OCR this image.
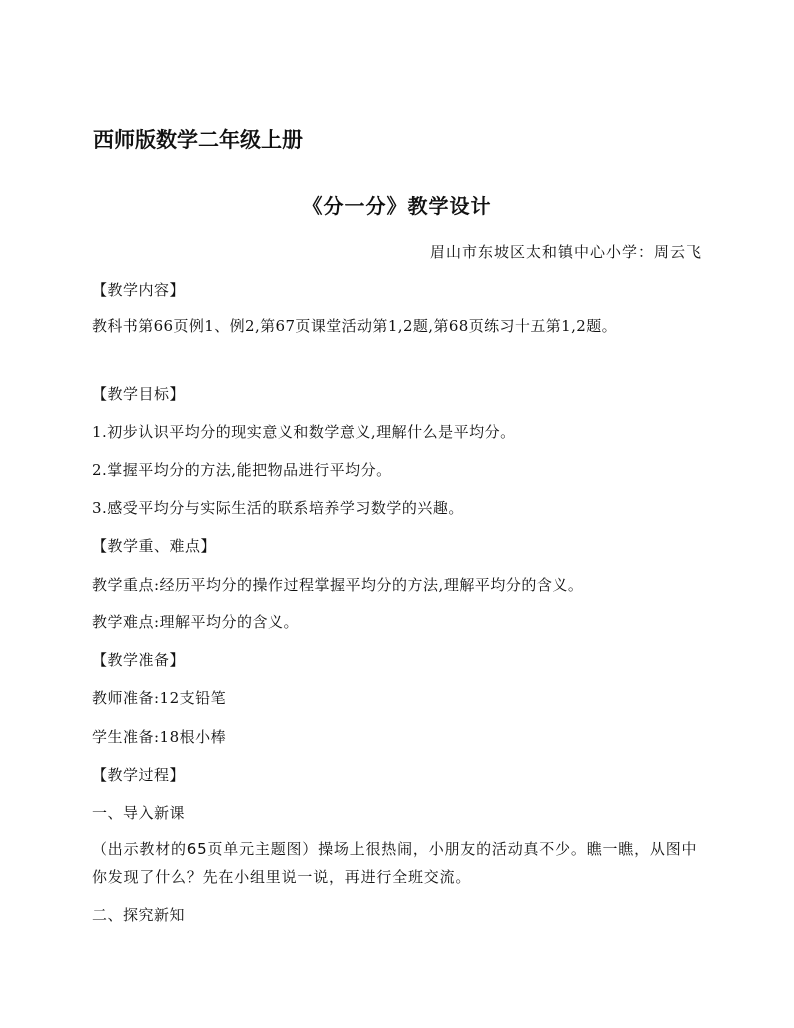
西师版数学二年级上册
《分一分》教学设计
眉山市东坡区太和镇中心小学：周云飞
【教学内容】
教科书第66页例1、例2,第67页课堂活动第1,2题,第68页练习十五第1,2题。
【教学目标】
1.初步认识平均分的现实意义和数学意义,理解什么是平均分。
2.掌握平均分的方法,能把物品进行平均分。
3.感受平均分与实际生活的联系培养学习数学的兴趣。
【教学重、难点】
教学重点:经历平均分的操作过程掌握平均分的方法,理解平均分的含义。
教学难点:理解平均分的含义。
【教学准备】
教师准备:12支铅笔
学生准备:18根小棒
【教学过程】
一、导入新课
（出示教材的65页单元主题图）操场上很热闹，小朋友的活动真不少。瞧一瞧，从图中你发现了什么？先在小组里说一说，再进行全班交流。
二、探究新知
